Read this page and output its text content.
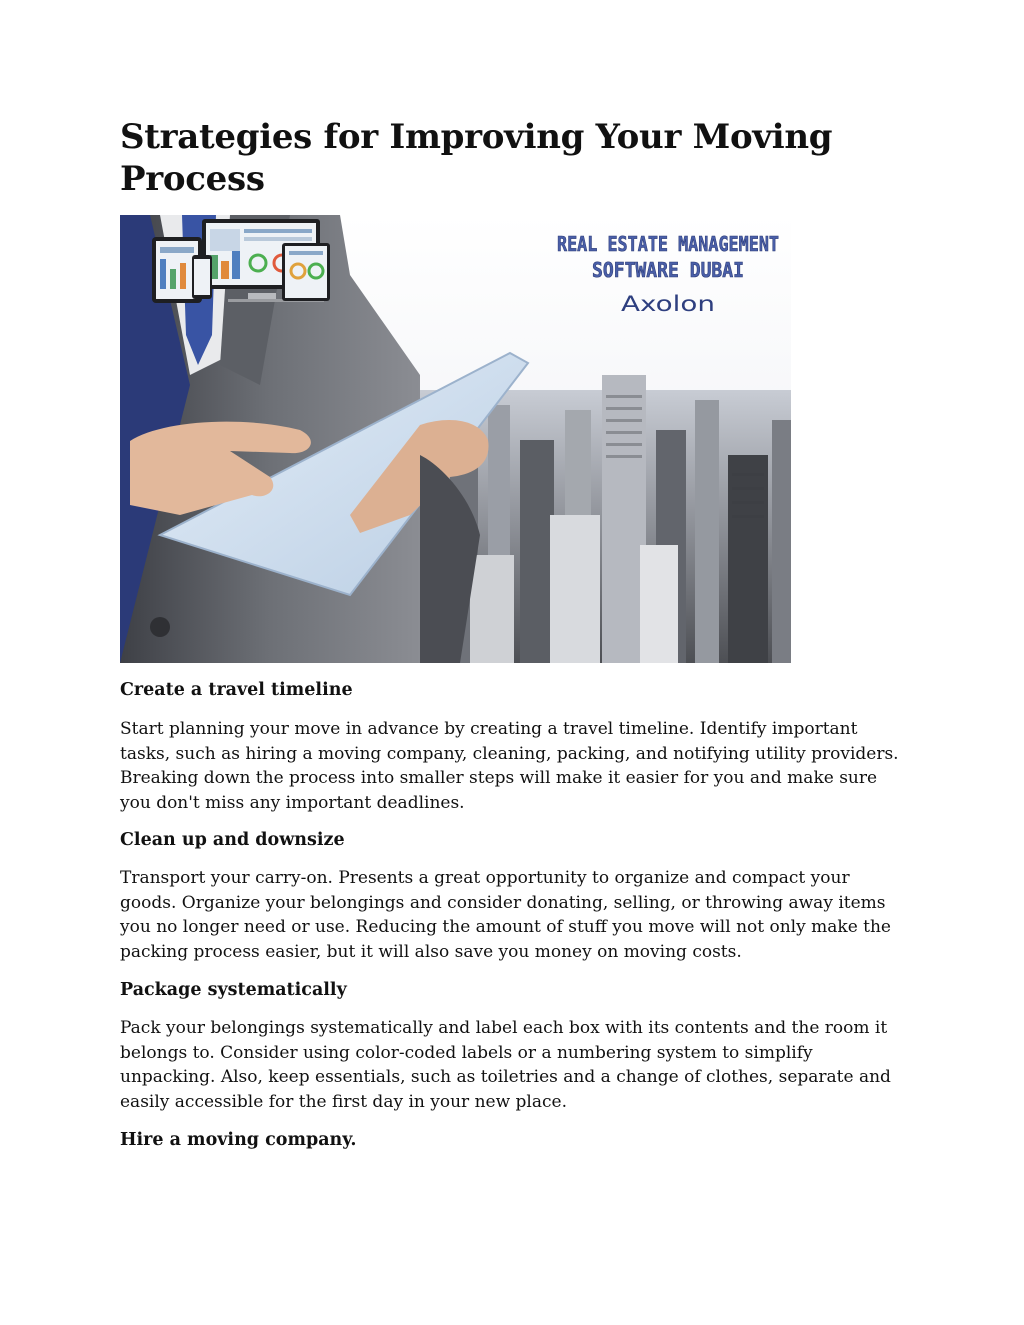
Strategies for Improving Your Moving Process
REAL ESTATE MANAGEMENT
SOFTWARE DUBAI
Axolon
Create a travel timeline

Start planning your move in advance by creating a travel timeline. Identify important tasks, such as hiring a moving company, cleaning, packing, and notifying utility providers. Breaking down the process into smaller steps will make it easier for you and make sure you don't miss any important deadlines.

Clean up and downsize

Transport your carry-on. Presents a great opportunity to organize and compact your goods. Organize your belongings and consider donating, selling, or throwing away items you no longer need or use. Reducing the amount of stuff you move will not only make the packing process easier, but it will also save you money on moving costs.

Package systematically

Pack your belongings systematically and label each box with its contents and the room it belongs to. Consider using color-coded labels or a numbering system to simplify unpacking. Also, keep essentials, such as toiletries and a change of clothes, separate and easily accessible for the first day in your new place.

Hire a moving company.
